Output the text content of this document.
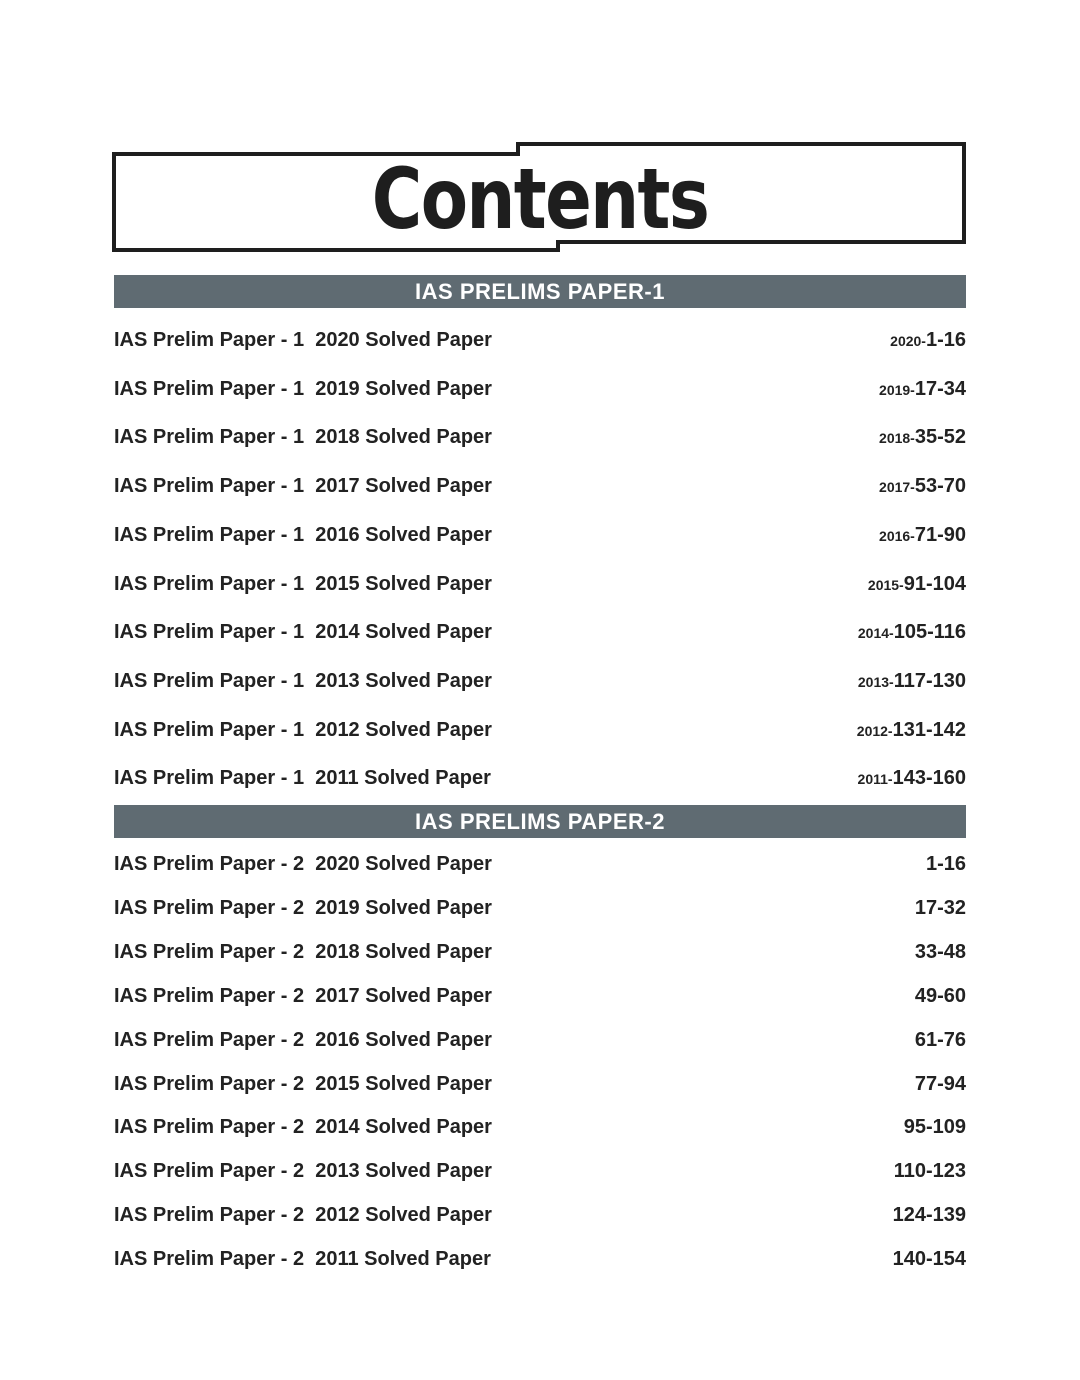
Contents
IAS PRELIMS PAPER-1
IAS Prelim Paper - 1  2020 Solved Paper	2020-1-16
IAS Prelim Paper - 1  2019 Solved Paper	2019-17-34
IAS Prelim Paper - 1  2018 Solved Paper	2018-35-52
IAS Prelim Paper - 1  2017 Solved Paper	2017-53-70
IAS Prelim Paper - 1  2016 Solved Paper	2016-71-90
IAS Prelim Paper - 1  2015 Solved Paper	2015-91-104
IAS Prelim Paper - 1  2014 Solved Paper	2014-105-116
IAS Prelim Paper - 1  2013 Solved Paper	2013-117-130
IAS Prelim Paper - 1  2012 Solved Paper	2012-131-142
IAS Prelim Paper - 1  2011 Solved Paper	2011-143-160
IAS PRELIMS PAPER-2
IAS Prelim Paper - 2  2020 Solved Paper	1-16
IAS Prelim Paper - 2  2019 Solved Paper	17-32
IAS Prelim Paper - 2  2018 Solved Paper	33-48
IAS Prelim Paper - 2  2017 Solved Paper	49-60
IAS Prelim Paper - 2  2016 Solved Paper	61-76
IAS Prelim Paper - 2  2015 Solved Paper	77-94
IAS Prelim Paper - 2  2014 Solved Paper	95-109
IAS Prelim Paper - 2  2013 Solved Paper	110-123
IAS Prelim Paper - 2  2012 Solved Paper	124-139
IAS Prelim Paper - 2  2011 Solved Paper	140-154
